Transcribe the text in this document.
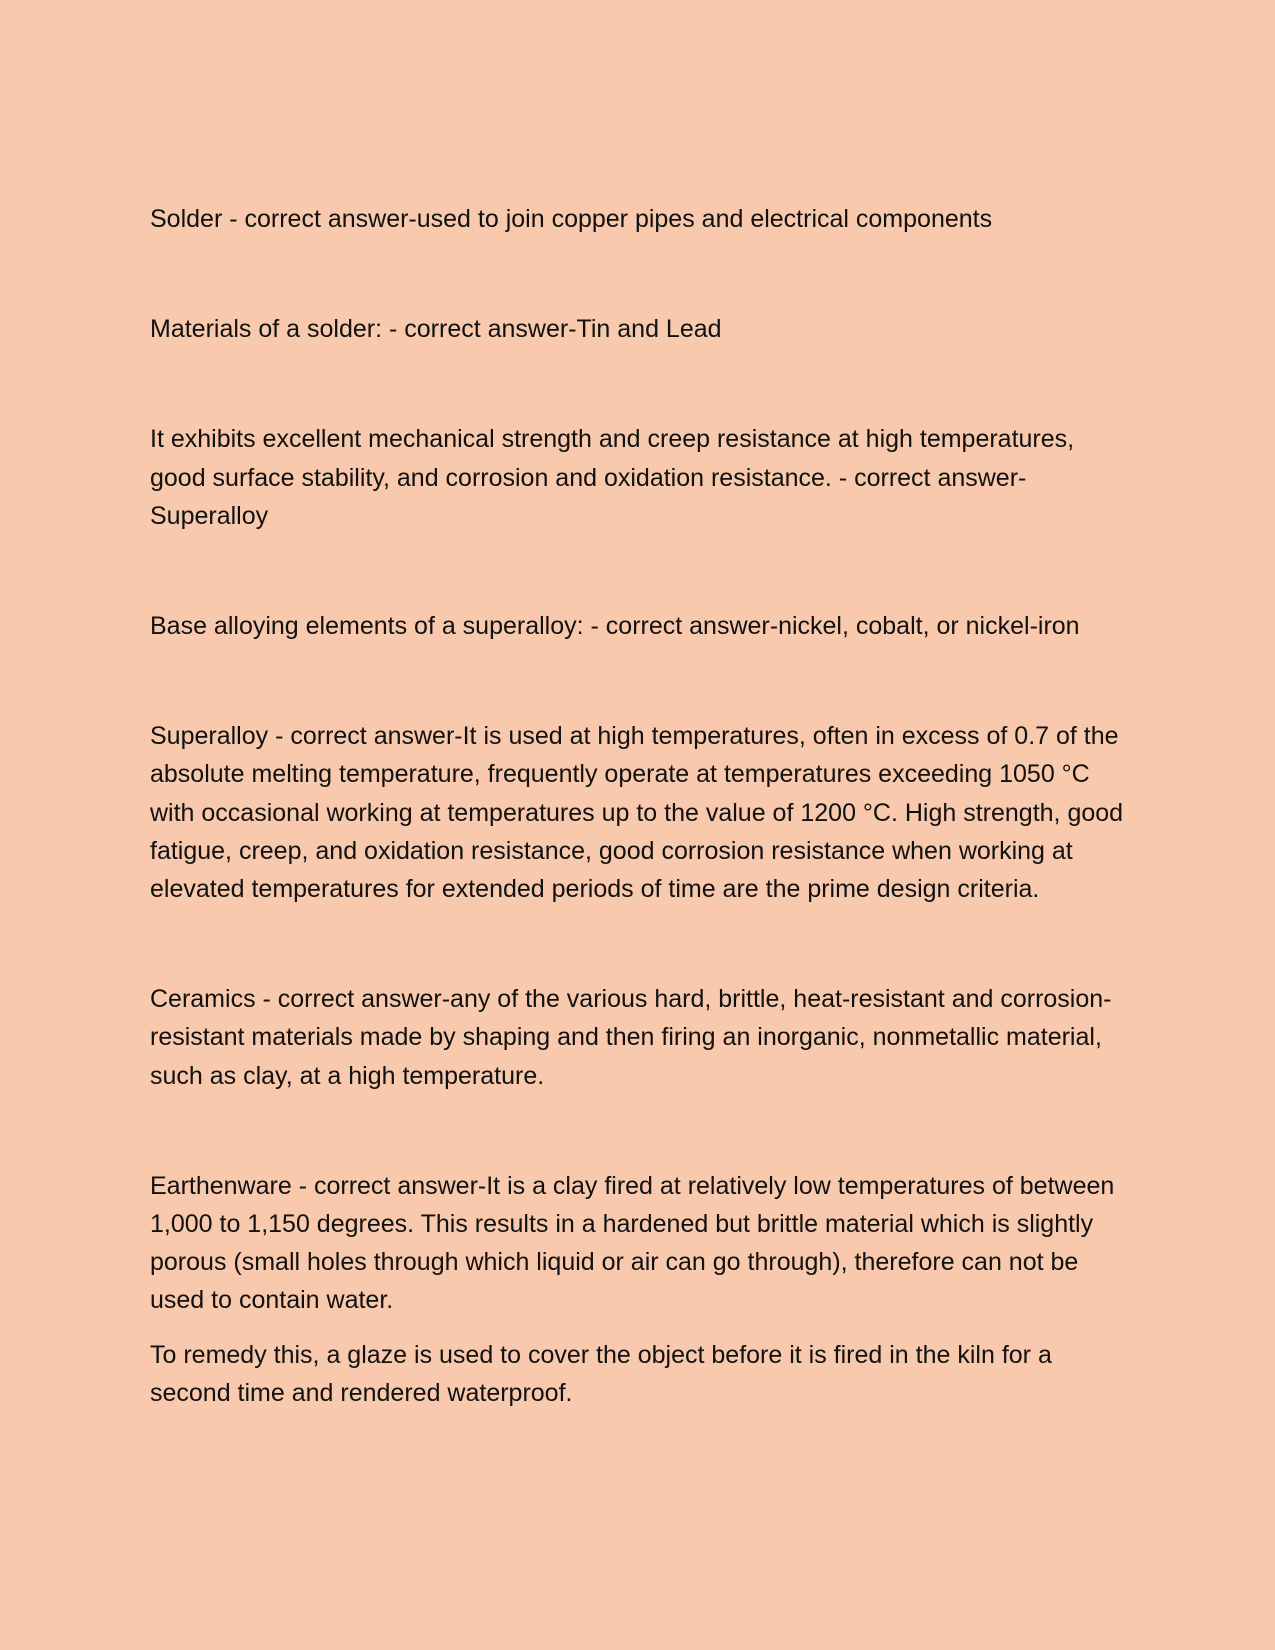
Solder - correct answer-used to join copper pipes and electrical components

Materials of a solder: - correct answer-Tin and Lead

It exhibits excellent mechanical strength and creep resistance at high temperatures, good surface stability, and corrosion and oxidation resistance. - correct answer-Superalloy

Base alloying elements of a superalloy: - correct answer-nickel, cobalt, or nickel-iron

Superalloy - correct answer-It is used at high temperatures, often in excess of 0.7 of the absolute melting temperature, frequently operate at temperatures exceeding 1050 °C with occasional working at temperatures up to the value of 1200 °C. High strength, good fatigue, creep, and oxidation resistance, good corrosion resistance when working at elevated temperatures for extended periods of time are the prime design criteria.

Ceramics - correct answer-any of the various hard, brittle, heat-resistant and corrosion-resistant materials made by shaping and then firing an inorganic, nonmetallic material, such as clay, at a high temperature.

Earthenware - correct answer-It is a clay fired at relatively low temperatures of between 1,000 to 1,150 degrees. This results in a hardened but brittle material which is slightly porous (small holes through which liquid or air can go through), therefore can not be used to contain water.

To remedy this, a glaze is used to cover the object before it is fired in the kiln for a second time and rendered waterproof.
